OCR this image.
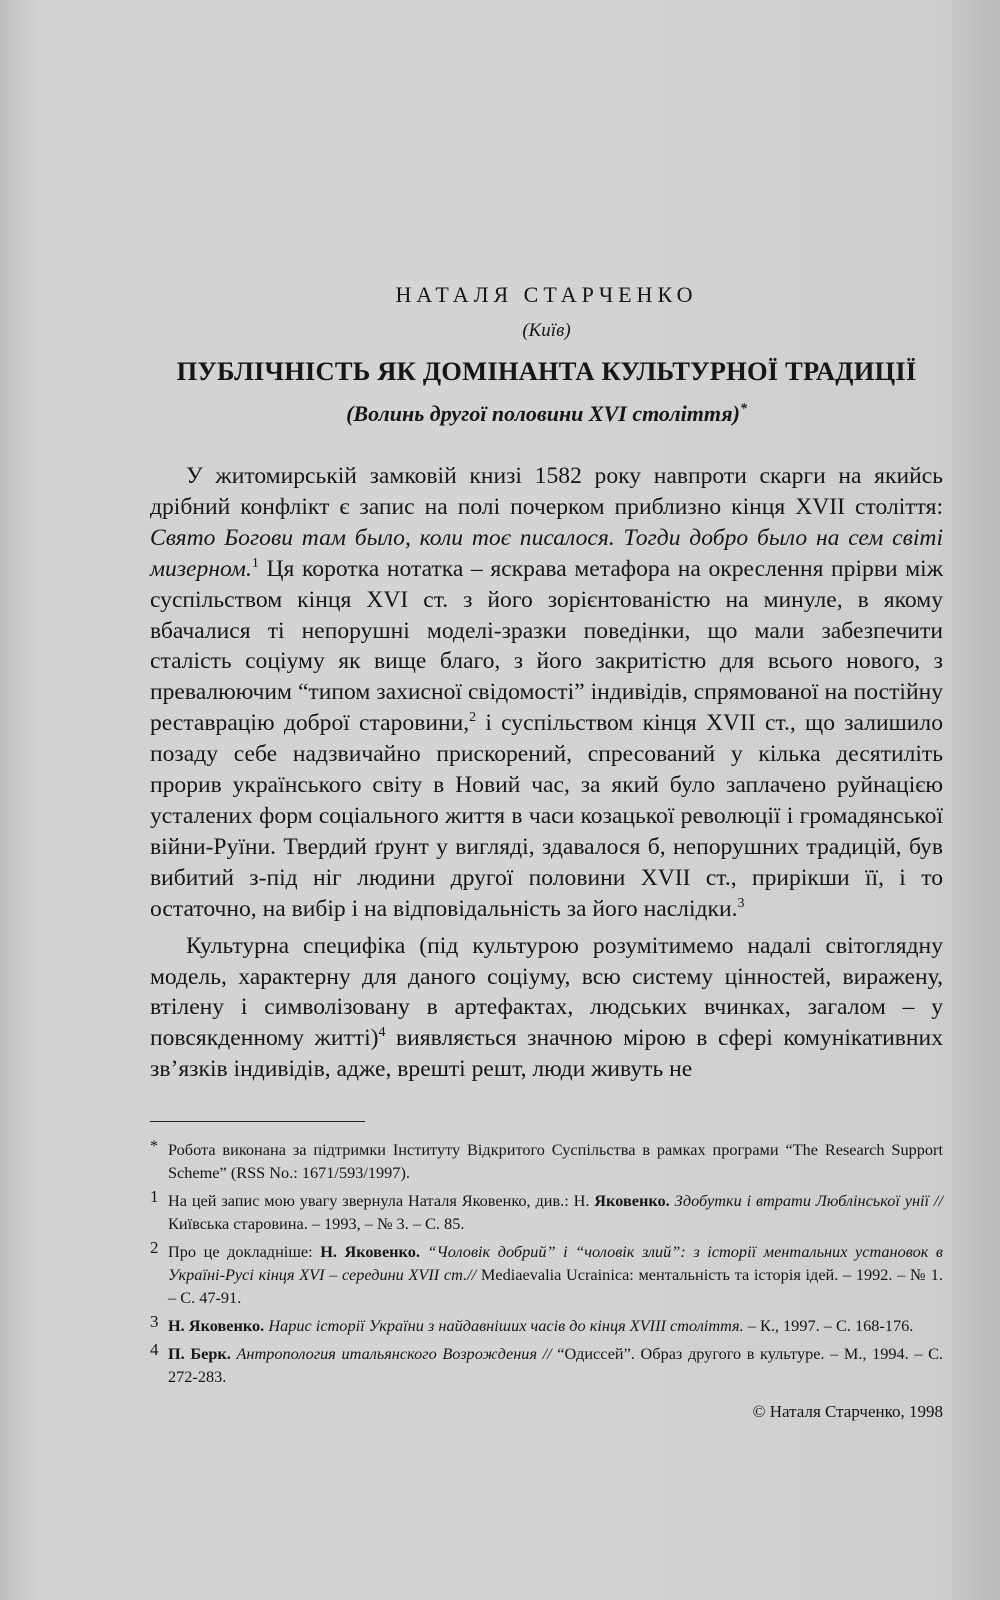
НАТАЛЯ СТАРЧЕНКО
(Київ)
ПУБЛІЧНІСТЬ ЯК ДОМІНАНТА КУЛЬТУРНОЇ ТРАДИЦІЇ
(Волинь другої половини XVI століття)*

У житомирській замковій книзі 1582 року навпроти скарги на якийсь дрібний конфлікт є запис на полі почерком приблизно кінця XVII століття: Свято Богови там было, коли тоє писалося. Тогди добро было на сем світі мизерном.$^1$ Ця коротка нотатка – яскрава метафора на окреслення прірви між суспільством кінця XVI ст. з його зорієнтованістю на минуле, в якому вбачалися ті непорушні моделі-зразки поведінки, що мали забезпечити сталість соціуму як вище благо, з його закритістю для всього нового, з превалюючим “типом захисної свідомості” індивідів, спрямованої на постійну реставрацію доброї старовини,$^2$ і суспільством кінця XVII ст., що залишило позаду себе надзвичайно прискорений, спресований у кілька десятиліть прорив українського світу в Новий час, за який було заплачено руйнацією усталених форм соціального життя в часи козацької революції і громадянської війни-Руїни. Твердий ґрунт у вигляді, здавалося б, непорушних традицій, був вибитий з-під ніг людини другої половини XVII ст., прирікши її, і то остаточно, на вибір і на відповідальність за його наслідки.$^3$

Культурна специфіка (під культурою розумітимемо надалі світоглядну модель, характерну для даного соціуму, всю систему цінностей, виражену, втілену і символізовану в артефактах, людських вчинках, загалом – у повсякденному житті)$^4$ виявляється значною мірою в сфері комунікативних зв’язків індивідів, адже, врешті решт, люди живуть не

* Робота виконана за підтримки Інституту Відкритого Суспільства в рамках програми “The Research Support Scheme” (RSS No.: 1671/593/1997).
1 На цей запис мою увагу звернула Наталя Яковенко, див.: Н. Яковенко. Здобутки і втрати Люблінської унії // Київська старовина. – 1993, – № 3. – С. 85.
2 Про це докладніше: Н. Яковенко. “Чоловік добрий” і “чоловік злий”: з історії ментальних установок в Україні-Русі кінця XVI – середини XVII ст.// Mediaevalia Ucrainica: ментальність та історія ідей. – 1992. – № 1. – С. 47-91.
3 Н. Яковенко. Нарис історії України з найдавніших часів до кінця XVIII століття. – К., 1997. – С. 168-176.
4 П. Берк. Антропология итальянского Возрождения // “Одиссей”. Образ другого в культуре. – М., 1994. – С. 272-283.
© Наталя Старченко, 1998
